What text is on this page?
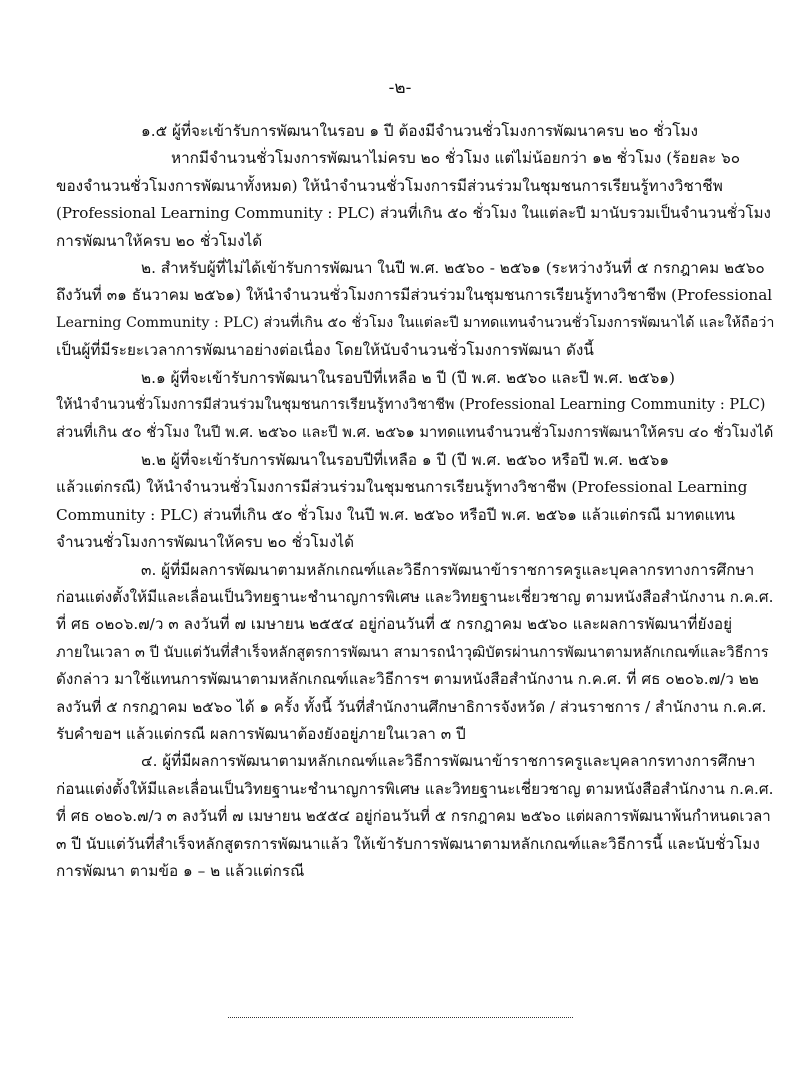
-๒-
๑.๕ ผู้ที่จะเข้ารับการพัฒนาในรอบ ๑ ปี ต้องมีจำนวนชั่วโมงการพัฒนาครบ ๒๐ ชั่วโมง
หากมีจำนวนชั่วโมงการพัฒนาไม่ครบ ๒๐ ชั่วโมง แต่ไม่น้อยกว่า ๑๒ ชั่วโมง (ร้อยละ ๖๐
ของจำนวนชั่วโมงการพัฒนาทั้งหมด) ให้นำจำนวนชั่วโมงการมีส่วนร่วมในชุมชนการเรียนรู้ทางวิชาชีพ
(Professional Learning Community : PLC) ส่วนที่เกิน ๕๐ ชั่วโมง ในแต่ละปี มานับรวมเป็นจำนวนชั่วโมง
การพัฒนาให้ครบ ๒๐ ชั่วโมงได้
๒. สำหรับผู้ที่ไม่ได้เข้ารับการพัฒนา ในปี พ.ศ. ๒๕๖๐ - ๒๕๖๑ (ระหว่างวันที่ ๕ กรกฎาคม ๒๕๖๐
ถึงวันที่ ๓๑ ธันวาคม ๒๕๖๑) ให้นำจำนวนชั่วโมงการมีส่วนร่วมในชุมชนการเรียนรู้ทางวิชาชีพ (Professional
Learning Community : PLC) ส่วนที่เกิน ๕๐ ชั่วโมง ในแต่ละปี มาทดแทนจำนวนชั่วโมงการพัฒนาได้ และให้ถือว่า
เป็นผู้ที่มีระยะเวลาการพัฒนาอย่างต่อเนื่อง โดยให้นับจำนวนชั่วโมงการพัฒนา ดังนี้
๒.๑ ผู้ที่จะเข้ารับการพัฒนาในรอบปีที่เหลือ ๒ ปี (ปี พ.ศ. ๒๕๖๐ และปี พ.ศ. ๒๕๖๑)
ให้นำจำนวนชั่วโมงการมีส่วนร่วมในชุมชนการเรียนรู้ทางวิชาชีพ (Professional Learning Community : PLC)
ส่วนที่เกิน ๕๐ ชั่วโมง ในปี พ.ศ. ๒๕๖๐ และปี พ.ศ. ๒๕๖๑ มาทดแทนจำนวนชั่วโมงการพัฒนาให้ครบ ๔๐ ชั่วโมงได้
๒.๒ ผู้ที่จะเข้ารับการพัฒนาในรอบปีที่เหลือ ๑ ปี (ปี พ.ศ. ๒๕๖๐ หรือปี พ.ศ. ๒๕๖๑
แล้วแต่กรณี) ให้นำจำนวนชั่วโมงการมีส่วนร่วมในชุมชนการเรียนรู้ทางวิชาชีพ (Professional Learning
Community : PLC) ส่วนที่เกิน ๕๐ ชั่วโมง ในปี พ.ศ. ๒๕๖๐ หรือปี พ.ศ. ๒๕๖๑ แล้วแต่กรณี มาทดแทน
จำนวนชั่วโมงการพัฒนาให้ครบ ๒๐ ชั่วโมงได้
๓. ผู้ที่มีผลการพัฒนาตามหลักเกณฑ์และวิธีการพัฒนาข้าราชการครูและบุคลากรทางการศึกษา
ก่อนแต่งตั้งให้มีและเลื่อนเป็นวิทยฐานะชำนาญการพิเศษ และวิทยฐานะเชี่ยวชาญ ตามหนังสือสำนักงาน ก.ค.ศ.
ที่ ศธ ๐๒๐๖.๗/ว ๓ ลงวันที่ ๗ เมษายน ๒๕๕๔ อยู่ก่อนวันที่ ๕ กรกฎาคม ๒๕๖๐ และผลการพัฒนาที่ยังอยู่
ภายในเวลา ๓ ปี นับแต่วันที่สำเร็จหลักสูตรการพัฒนา สามารถนำวุฒิบัตรผ่านการพัฒนาตามหลักเกณฑ์และวิธีการ
ดังกล่าว มาใช้แทนการพัฒนาตามหลักเกณฑ์และวิธีการฯ ตามหนังสือสำนักงาน ก.ค.ศ. ที่ ศธ ๐๒๐๖.๗/ว ๒๒
ลงวันที่ ๕ กรกฎาคม ๒๕๖๐ ได้ ๑ ครั้ง ทั้งนี้ วันที่สำนักงานศึกษาธิการจังหวัด / ส่วนราชการ / สำนักงาน ก.ค.ศ.
รับคำขอฯ แล้วแต่กรณี ผลการพัฒนาต้องยังอยู่ภายในเวลา ๓ ปี
๔. ผู้ที่มีผลการพัฒนาตามหลักเกณฑ์และวิธีการพัฒนาข้าราชการครูและบุคลากรทางการศึกษา
ก่อนแต่งตั้งให้มีและเลื่อนเป็นวิทยฐานะชำนาญการพิเศษ และวิทยฐานะเชี่ยวชาญ ตามหนังสือสำนักงาน ก.ค.ศ.
ที่ ศธ ๐๒๐๖.๗/ว ๓ ลงวันที่ ๗ เมษายน ๒๕๕๔ อยู่ก่อนวันที่ ๕ กรกฎาคม ๒๕๖๐ แต่ผลการพัฒนาพ้นกำหนดเวลา
๓ ปี นับแต่วันที่สำเร็จหลักสูตรการพัฒนาแล้ว ให้เข้ารับการพัฒนาตามหลักเกณฑ์และวิธีการนี้ และนับชั่วโมง
การพัฒนา ตามข้อ ๑ – ๒ แล้วแต่กรณี
